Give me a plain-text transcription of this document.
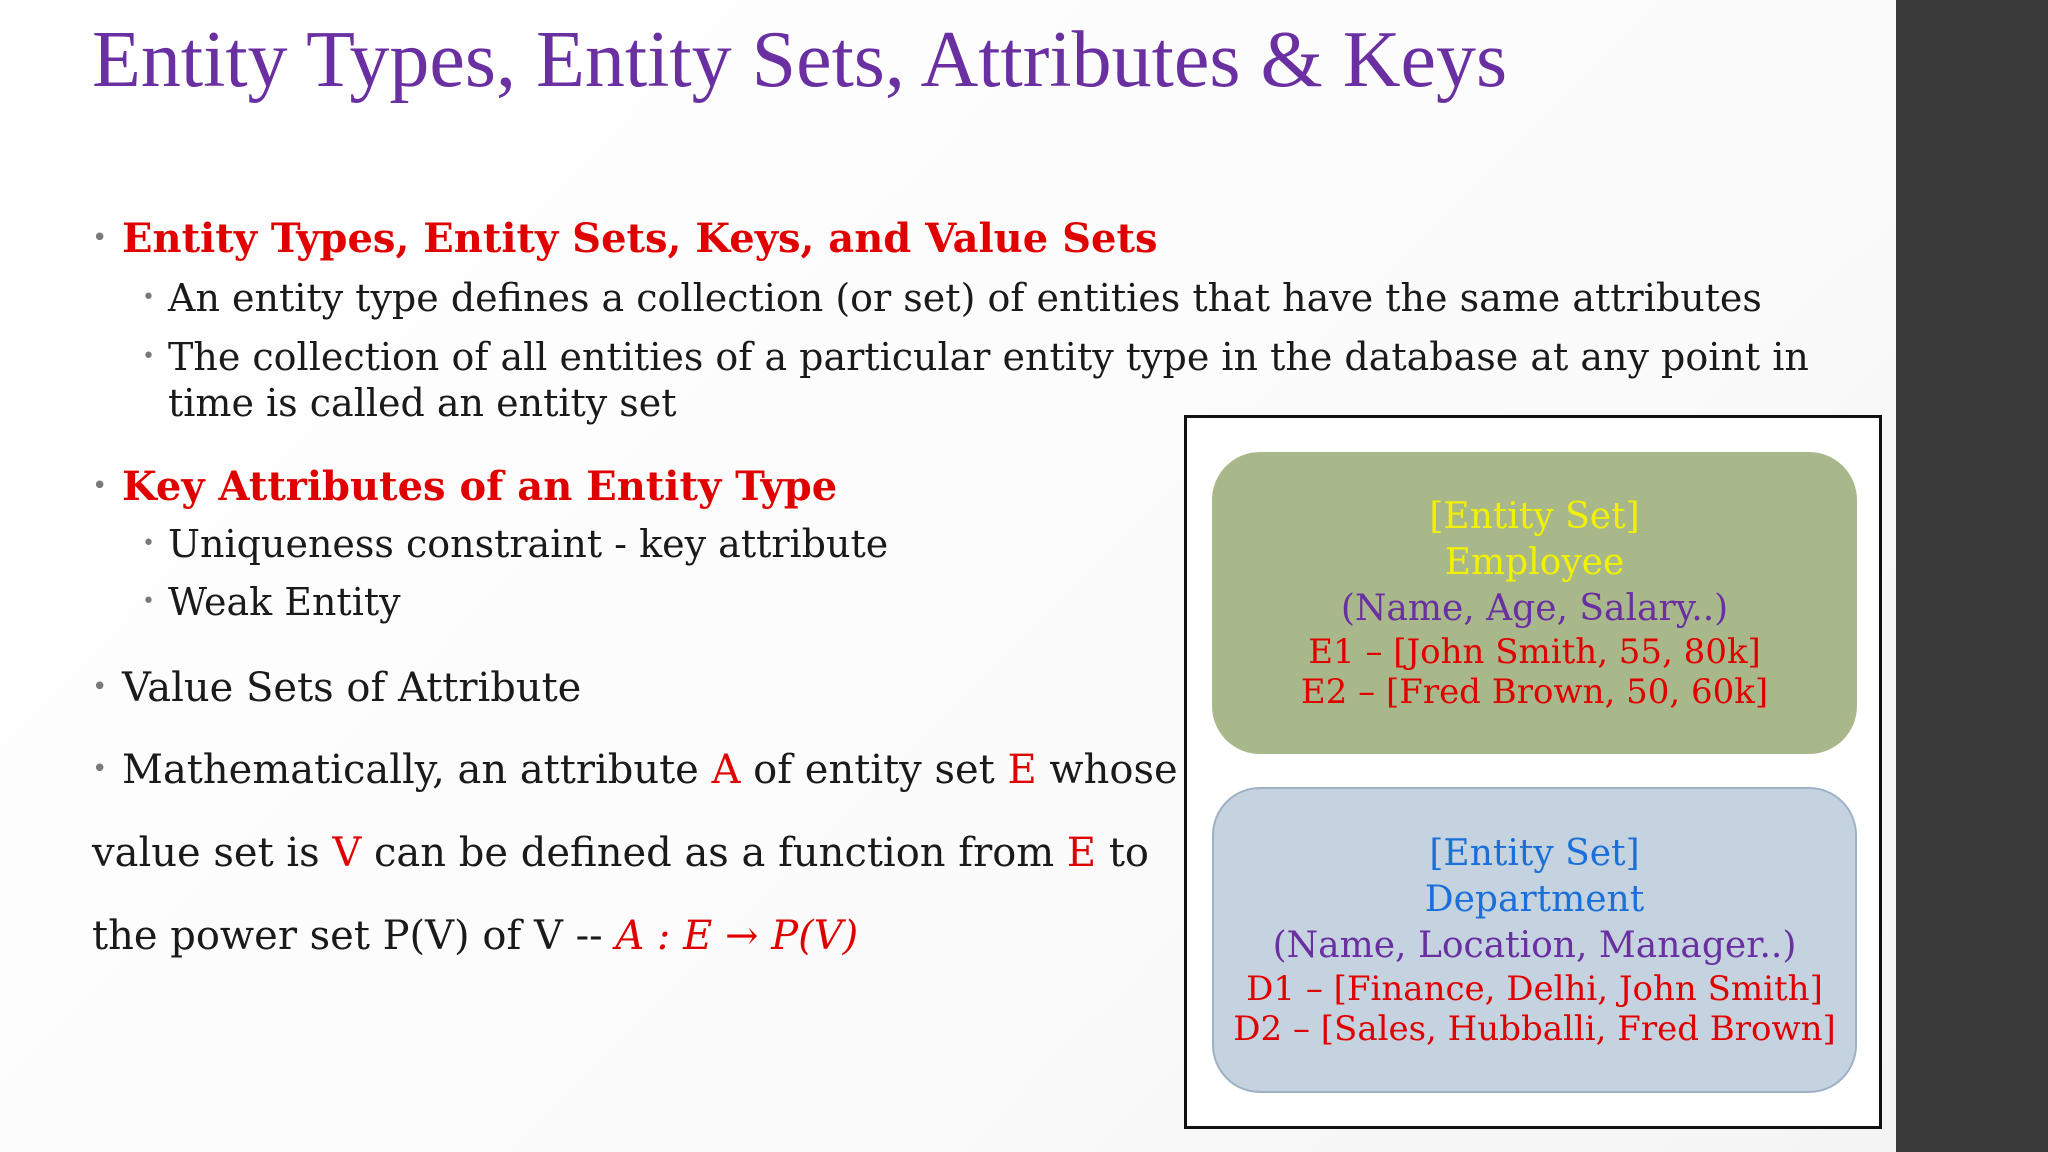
Entity Types, Entity Sets, Attributes & Keys
• Entity Types, Entity Sets, Keys, and Value Sets
• An entity type defines a collection (or set) of entities that have the same attributes
• The collection of all entities of a particular entity type in the database at any point in time is called an entity set
• Key Attributes of an Entity Type
• Uniqueness constraint - key attribute
• Weak Entity
• Value Sets of Attribute
• Mathematically, an attribute A of entity set E whose
value set is V can be defined as a function from E to
the power set P(V) of V -- A : E → P(V)
[Entity Set]
Employee
(Name, Age, Salary..)
E1 – [John Smith, 55, 80k]
E2 – [Fred Brown, 50, 60k]
[Entity Set]
Department
(Name, Location, Manager..)
D1 – [Finance, Delhi, John Smith]
D2 – [Sales, Hubballi, Fred Brown]
